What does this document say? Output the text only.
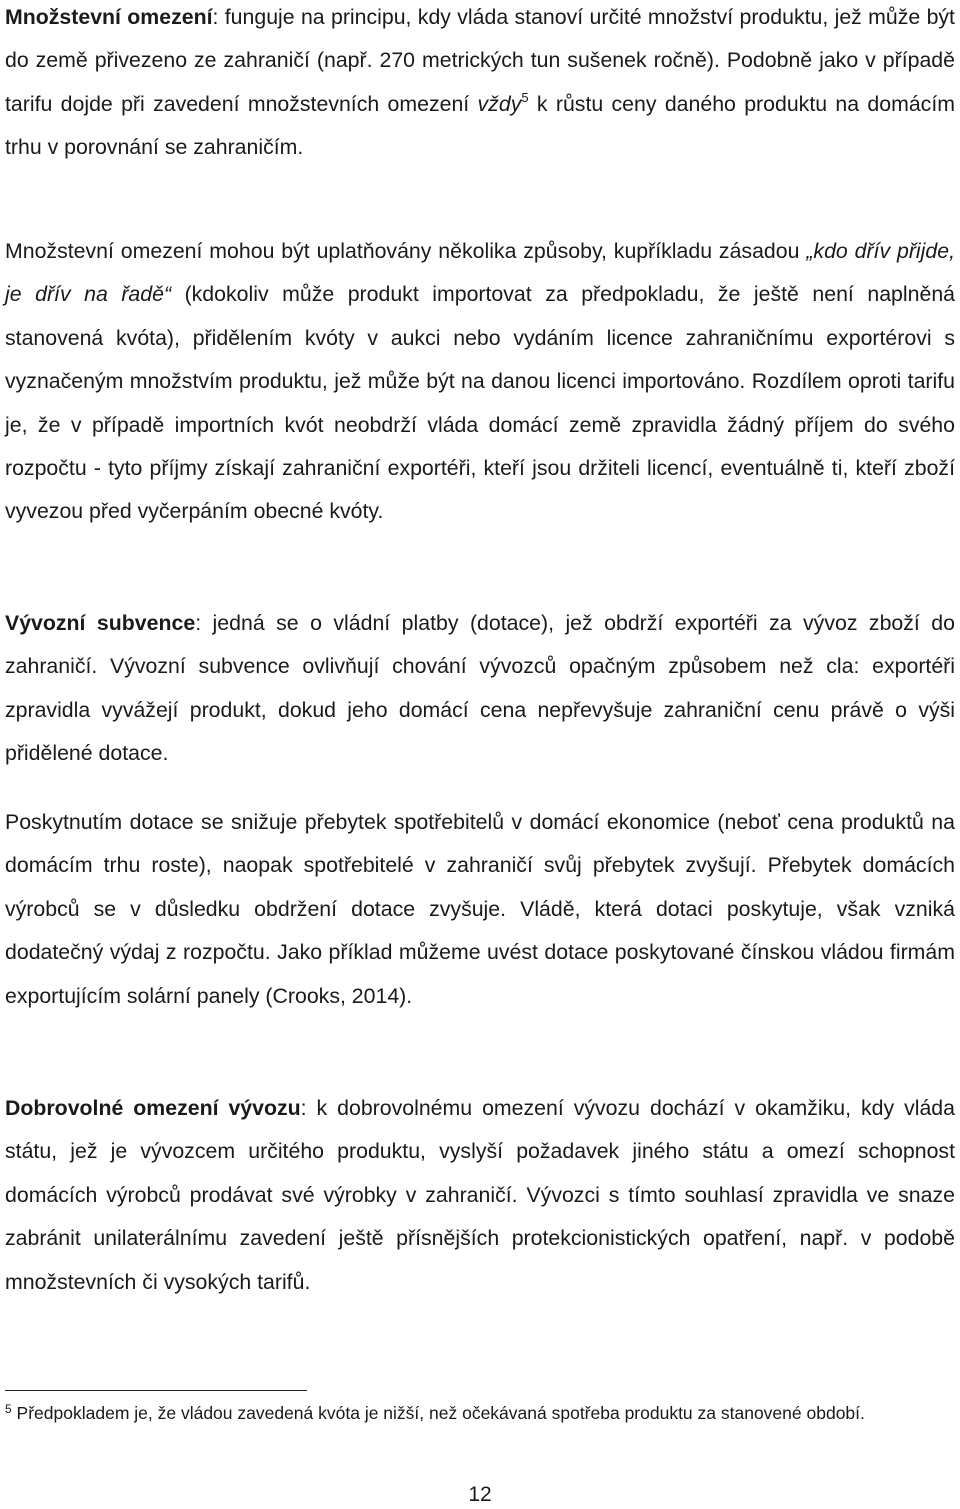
Množstevní omezení: funguje na principu, kdy vláda stanoví určité množství produktu, jež může být do země přivezeno ze zahraničí (např. 270 metrických tun sušenek ročně). Podobně jako v případě tarifu dojde při zavedení množstevních omezení vždy$^5$ k růstu ceny daného produktu na domácím trhu v porovnání se zahraničím.

Množstevní omezení mohou být uplatňovány několika způsoby, kupříkladu zásadou „kdo dřív přijde, je dřív na řadě“ (kdokoliv může produkt importovat za předpokladu, že ještě není naplněná stanovená kvóta), přidělením kvóty v aukci nebo vydáním licence zahraničnímu exportérovi s vyznačeným množstvím produktu, jež může být na danou licenci importováno. Rozdílem oproti tarifu je, že v případě importních kvót neobdrží vláda domácí země zpravidla žádný příjem do svého rozpočtu - tyto příjmy získají zahraniční exportéři, kteří jsou držiteli licencí, eventuálně ti, kteří zboží vyvezou před vyčerpáním obecné kvóty.

Vývozní subvence: jedná se o vládní platby (dotace), jež obdrží exportéři za vývoz zboží do zahraničí. Vývozní subvence ovlivňují chování vývozců opačným způsobem než cla: exportéři zpravidla vyvážejí produkt, dokud jeho domácí cena nepřevyšuje zahraniční cenu právě o výši přidělené dotace.

Poskytnutím dotace se snižuje přebytek spotřebitelů v domácí ekonomice (neboť cena produktů na domácím trhu roste), naopak spotřebitelé v zahraničí svůj přebytek zvyšují. Přebytek domácích výrobců se v důsledku obdržení dotace zvyšuje. Vládě, která dotaci poskytuje, však vzniká dodatečný výdaj z rozpočtu. Jako příklad můžeme uvést dotace poskytované čínskou vládou firmám exportujícím solární panely (Crooks, 2014).

Dobrovolné omezení vývozu: k dobrovolnému omezení vývozu dochází v okamžiku, kdy vláda státu, jež je vývozcem určitého produktu, vyslyší požadavek jiného státu a omezí schopnost domácích výrobců prodávat své výrobky v zahraničí. Vývozci s tímto souhlasí zpravidla ve snaze zabránit unilaterálnímu zavedení ještě přísnějších protekcionistických opatření, např. v podobě množstevních či vysokých tarifů.

$^5$ Předpokladem je, že vládou zavedená kvóta je nižší, než očekávaná spotřeba produktu za stanovené období.

12
